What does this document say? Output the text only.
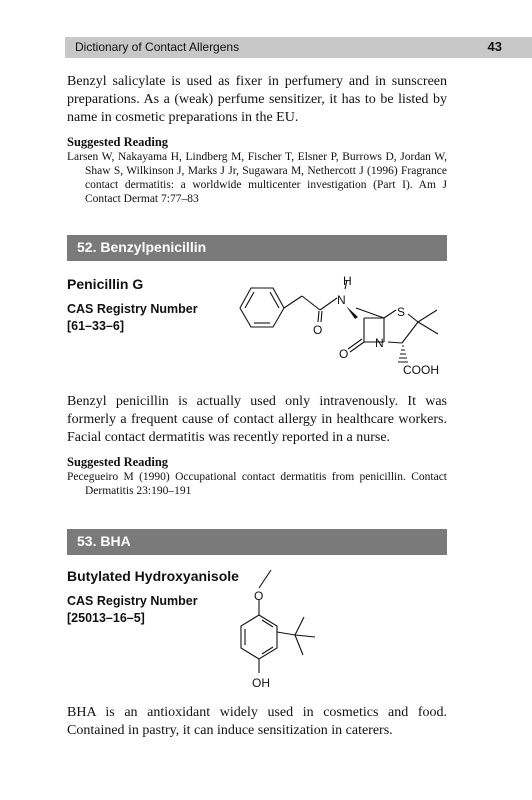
Dictionary of Contact Allergens	43
Benzyl salicylate is used as fixer in perfumery and in sunscreen preparations. As a (weak) perfume sensitizer, it has to be listed by name in cosmetic preparations in the EU.
Suggested Reading
Larsen W, Nakayama H, Lindberg M, Fischer T, Elsner P, Burrows D, Jordan W, Shaw S, Wilkinson J, Marks J Jr, Sugawara M, Nethercott J (1996) Fragrance contact dermatitis: a worldwide multicenter investigation (Part I). Am J Contact Dermat 7:77–83
52. Benzylpenicillin
Penicillin G
CAS Registry Number
[61–33–6]
H
N
S
N
O
O
COOH
Benzyl penicillin is actually used only intravenously. It was formerly a frequent cause of contact allergy in healthcare workers. Facial contact dermatitis was recently reported in a nurse.
Suggested Reading
Pecegueiro M (1990) Occupational contact dermatitis from penicillin. Contact Dermatitis 23:190–191
53. BHA
Butylated Hydroxyanisole
CAS Registry Number
[25013–16–5]
O
OH
BHA is an antioxidant widely used in cosmetics and food. Contained in pastry, it can induce sensitization in caterers.
